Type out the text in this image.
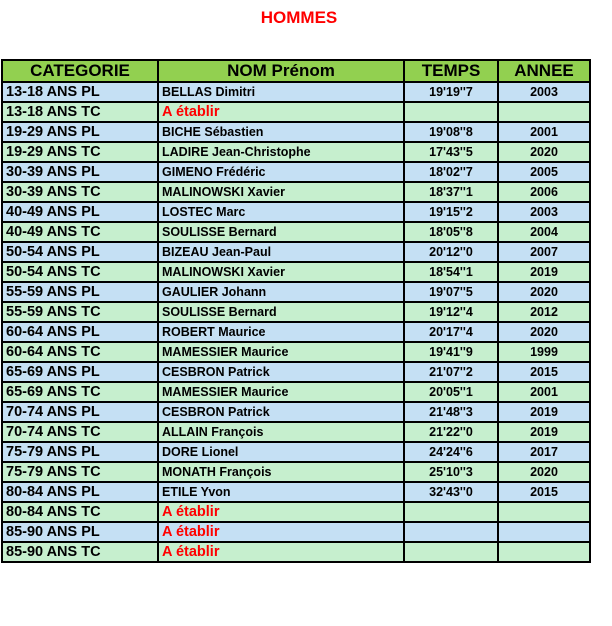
HOMMES
CATEGORIE	NOM Prénom	TEMPS	ANNEE
13-18 ANS PL	BELLAS Dimitri	19'19''7	2003
13-18 ANS TC	A établir		
19-29 ANS PL	BICHE Sébastien	19'08''8	2001
19-29 ANS TC	LADIRE Jean-Christophe	17'43''5	2020
30-39 ANS PL	GIMENO Frédéric	18'02''7	2005
30-39 ANS TC	MALINOWSKI Xavier	18'37''1	2006
40-49 ANS PL	LOSTEC Marc	19'15''2	2003
40-49 ANS TC	SOULISSE Bernard	18'05''8	2004
50-54 ANS PL	BIZEAU Jean-Paul	20'12''0	2007
50-54 ANS TC	MALINOWSKI Xavier	18'54''1	2019
55-59 ANS PL	GAULIER Johann	19'07''5	2020
55-59 ANS TC	SOULISSE Bernard	19'12''4	2012
60-64 ANS PL	ROBERT Maurice	20'17''4	2020
60-64 ANS TC	MAMESSIER Maurice	19'41''9	1999
65-69 ANS PL	CESBRON Patrick	21'07''2	2015
65-69 ANS TC	MAMESSIER Maurice	20'05''1	2001
70-74 ANS PL	CESBRON Patrick	21'48''3	2019
70-74 ANS TC	ALLAIN François	21'22''0	2019
75-79 ANS PL	DORE Lionel	24'24''6	2017
75-79 ANS TC	MONATH François	25'10''3	2020
80-84 ANS PL	ETILE Yvon	32'43''0	2015
80-84 ANS TC	A établir		
85-90 ANS PL	A établir		
85-90 ANS TC	A établir		
